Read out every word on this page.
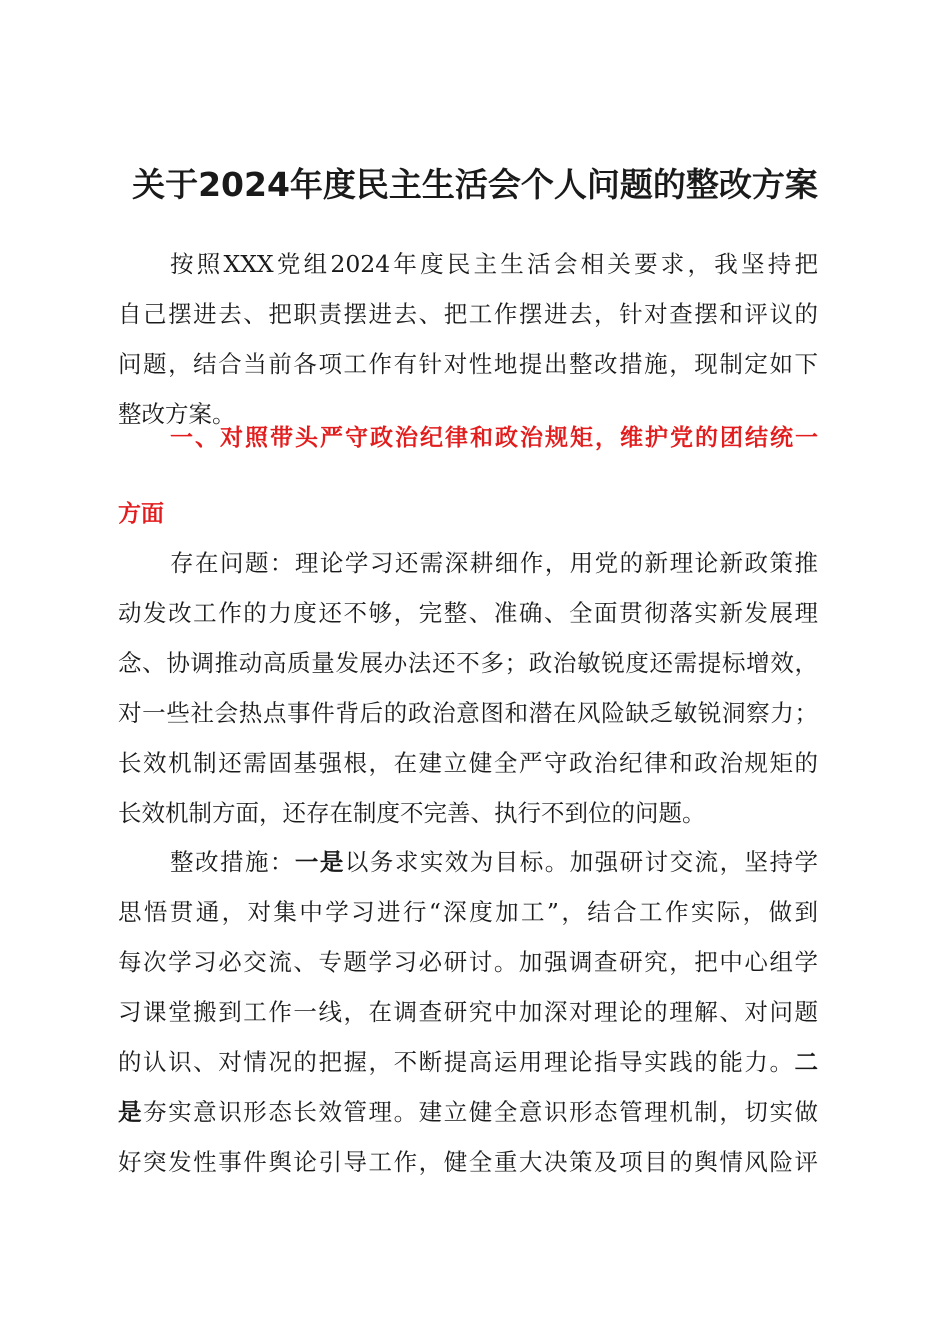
关于2024年度民主生活会个人问题的整改方案
按照XXX党组2024年度民主生活会相关要求，我坚持把
自己摆进去、把职责摆进去、把工作摆进去，针对查摆和评议的
问题，结合当前各项工作有针对性地提出整改措施，现制定如下
整改方案。
一、对照带头严守政治纪律和政治规矩，维护党的团结统一
方面
存在问题：理论学习还需深耕细作，用党的新理论新政策推
动发改工作的力度还不够，完整、准确、全面贯彻落实新发展理
念、协调推动高质量发展办法还不多；政治敏锐度还需提标增效，
对一些社会热点事件背后的政治意图和潜在风险缺乏敏锐洞察力；
长效机制还需固基强根，在建立健全严守政治纪律和政治规矩的
长效机制方面，还存在制度不完善、执行不到位的问题。
整改措施：一是以务求实效为目标。加强研讨交流，坚持学
思悟贯通，对集中学习进行“深度加工”，结合工作实际，做到
每次学习必交流、专题学习必研讨。加强调查研究，把中心组学
习课堂搬到工作一线，在调查研究中加深对理论的理解、对问题
的认识、对情况的把握，不断提高运用理论指导实践的能力。二
是夯实意识形态长效管理。建立健全意识形态管理机制，切实做
好突发性事件舆论引导工作，健全重大决策及项目的舆情风险评
